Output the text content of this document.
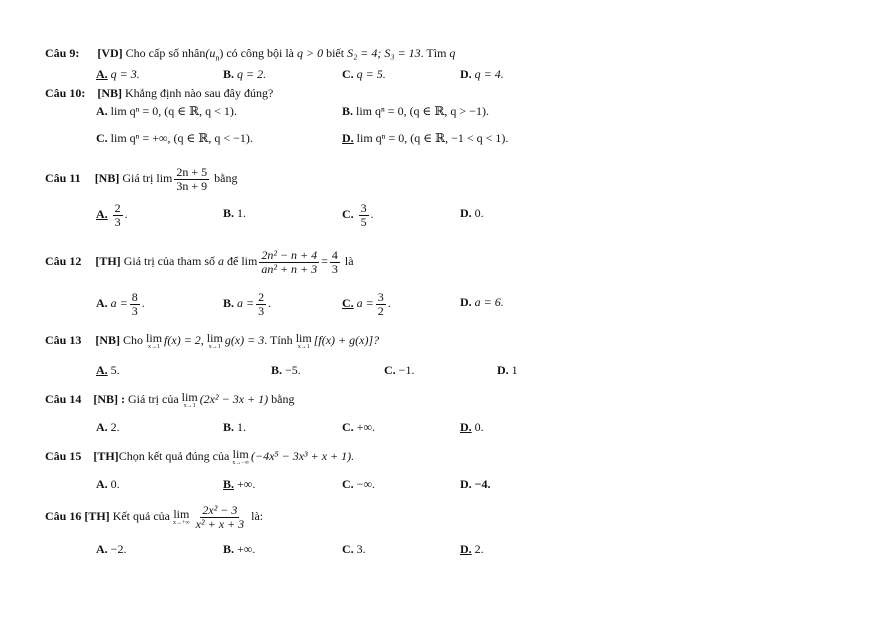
Câu 9: [VD] Cho cấp số $nhân(u_n)$ có công bội là q > 0 biết S₂ = 4; S₃ = 13. Tìm q
A. q = 3.	B. q = 2.	C. q = 5.	D. q = 4.
Câu 10: [NB] Khẳng định nào sau đây đúng?
A. lim qⁿ = 0, (q ∈ ℝ, q < 1).	B. lim qⁿ = 0, (q ∈ ℝ, q > −1).
C. lim qⁿ = +∞, (q ∈ ℝ, q < −1).	D. lim qⁿ = 0, (q ∈ ℝ, −1 < q < 1).
Câu 11 [NB] Giá trị $\lim \frac{2n + 5}{3n + 9}$ bằng
A. $\frac{2}{3}$ .	B. 1.	C. $\frac{3}{5}$ .	D. 0.
Câu 12 [TH] Giá trị của tham số a để $\lim \frac{\text{2n² − n + 4}}{\text{an² + n + 3}} = \frac{4}{3}$ là
A. $a = \frac{8}{3}$ .	B. $a = \frac{2}{3}$ .	C. $a = \frac{3}{2}$ .	D. a = 6.
Câu 13 [NB] Cho lim
x→1
f(x) = 2, lim
x→1
g(x) = 3. Tính lim
x→1
[f(x) + g(x)]?
A. 5.	B. −5.	C. −1.	D. 1
Câu 14 [NB] : Giá trị của lim
x→1
(2x² − 3x + 1) bằng
A. 2.	B. 1.	C. +∞.	D. 0.
Câu 15 [TH]Chọn kết quả đúng của lim
x→−∞
(−4x⁵ − 3x³ + x + 1).
A. 0.	B. +∞.	C. −∞.	D. −4.
Câu 16 [TH] Kết quả của lim
$x\to+\infty \frac{\text{2x² − 3}}{\text{x² + x + 3}}$ là:
A. −2.	B. +∞.	C. 3.	D. 2.
